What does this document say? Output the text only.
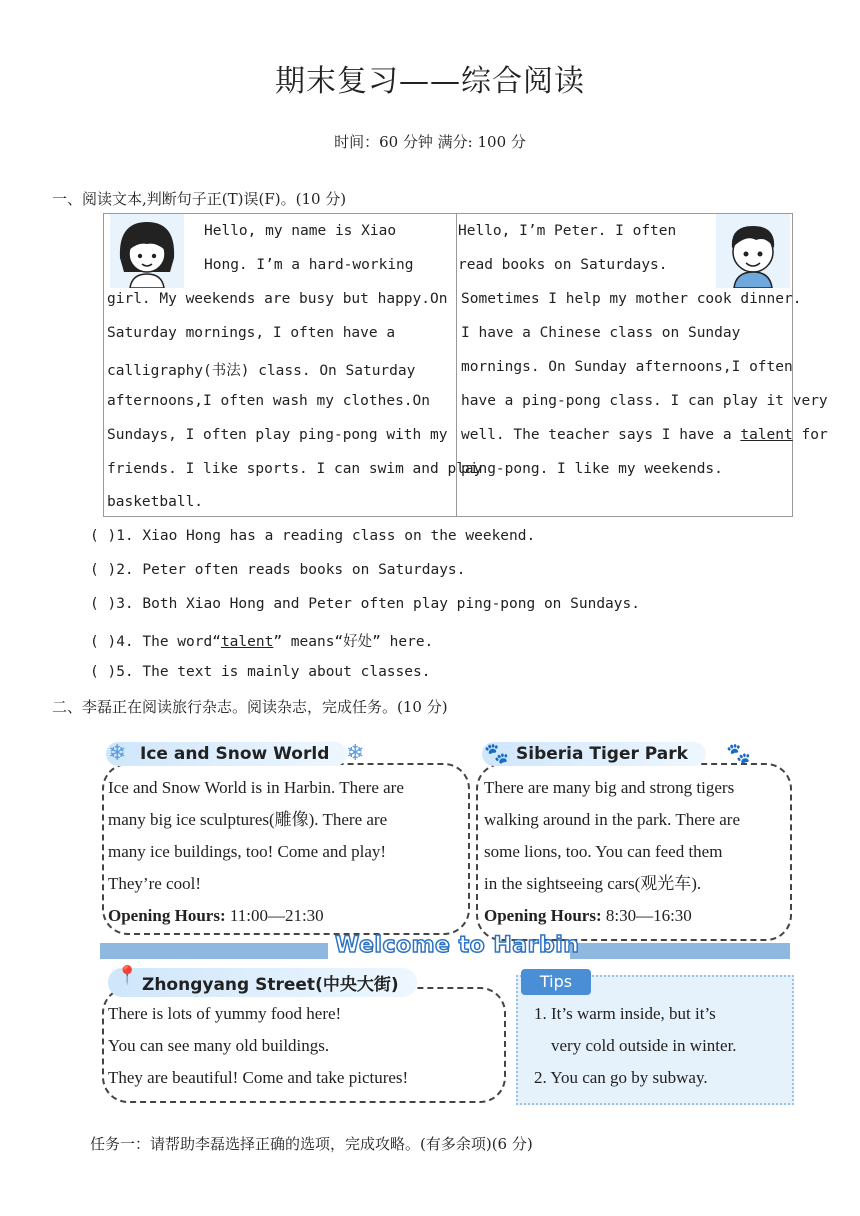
期末复习——综合阅读
时间：60 分钟 满分: 100 分
一、阅读文本,判断句子正(T)误(F)。(10 分)
Hello, my name is Xiao
Hong. I’m a hard-working
girl. My weekends are busy but happy.On
Saturday mornings, I often have a
calligraphy(书法) class. On Saturday
afternoons,I often wash my clothes.On
Sundays, I often play ping-pong with my
friends. I like sports. I can swim and play
basketball.
Hello, I’m Peter. I often
read books on Saturdays.
Sometimes I help my mother cook dinner.
I have a Chinese class on Sunday
mornings. On Sunday afternoons,I often
have a ping-pong class. I can play it very
well. The teacher says I have a talent for
ping-pong. I like my weekends.
( )1. Xiao Hong has a reading class on the weekend.
( )2. Peter often reads books on Saturdays.
( )3. Both Xiao Hong and Peter often play ping-pong on Sundays.
( )4. The word“talent” means“好处” here.
( )5. The text is mainly about classes.
二、李磊正在阅读旅行杂志。阅读杂志，完成任务。(10 分)
Ice and Snow World
❄	❄
Ice and Snow World is in Harbin. There are
many big ice sculptures(雕像). There are
many ice buildings, too! Come and play!
They’re cool!
Opening Hours: 11:00—21:30
Siberia Tiger Park
🐾	🐾
There are many big and strong tigers
walking around in the park. There are
some lions, too. You can feed them
in the sightseeing cars(观光车).
Opening Hours: 8:30—16:30
Welcome to Harbin
Zhongyang Street(中央大街)
📍
There is lots of yummy food here!
You can see many old buildings.
They are beautiful! Come and take pictures!
Tips
1. It’s warm inside, but it’s
very cold outside in winter.
2. You can go by subway.
任务一：请帮助李磊选择正确的选项，完成攻略。(有多余项)(6 分)
